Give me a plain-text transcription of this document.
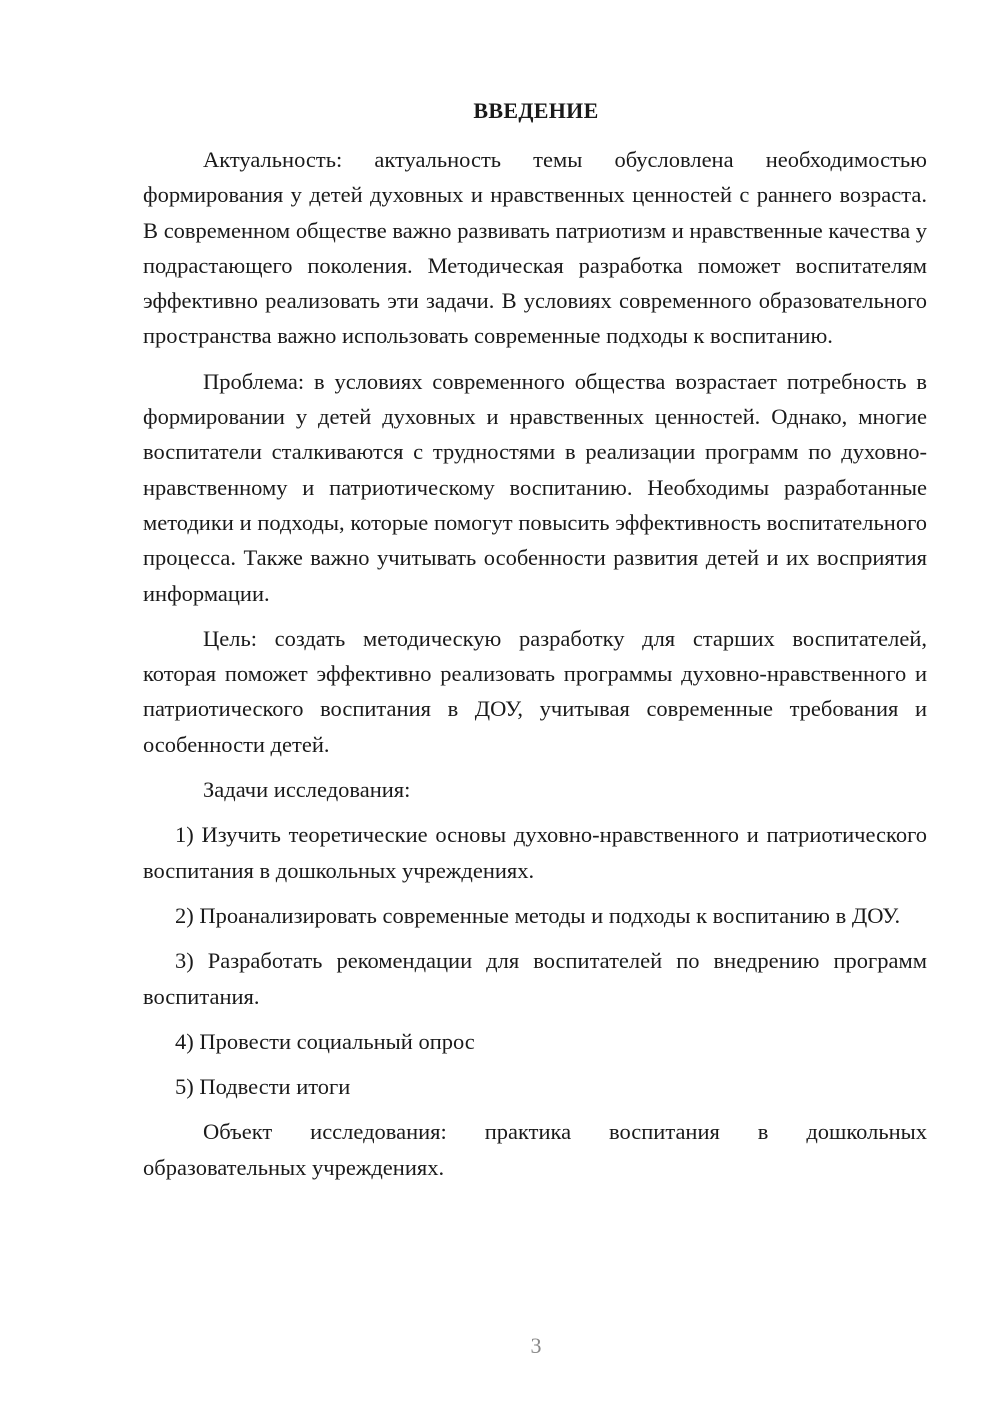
ВВЕДЕНИЕ

Актуальность: актуальность темы обусловлена необходимостью формирования у детей духовных и нравственных ценностей с раннего возраста. В современном обществе важно развивать патриотизм и нравственные качества у подрастающего поколения. Методическая разработка поможет воспитателям эффективно реализовать эти задачи. В условиях современного образовательного пространства важно использовать современные подходы к воспитанию.

Проблема: в условиях современного общества возрастает потребность в формировании у детей духовных и нравственных ценностей. Однако, многие воспитатели сталкиваются с трудностями в реализации программ по духовно-нравственному и патриотическому воспитанию. Необходимы разработанные методики и подходы, которые помогут повысить эффективность воспитательного процесса. Также важно учитывать особенности развития детей и их восприятия информации.

Цель: создать методическую разработку для старших воспитателей, которая поможет эффективно реализовать программы духовно-нравственного и патриотического воспитания в ДОУ, учитывая современные требования и особенности детей.

Задачи исследования:

1) Изучить теоретические основы духовно-нравственного и патриотического воспитания в дошкольных учреждениях.

2) Проанализировать современные методы и подходы к воспитанию в ДОУ.

3) Разработать рекомендации для воспитателей по внедрению программ воспитания.

4) Провести социальный опрос

5) Подвести итоги

Объект исследования: практика воспитания в дошкольных образовательных учреждениях.

3
